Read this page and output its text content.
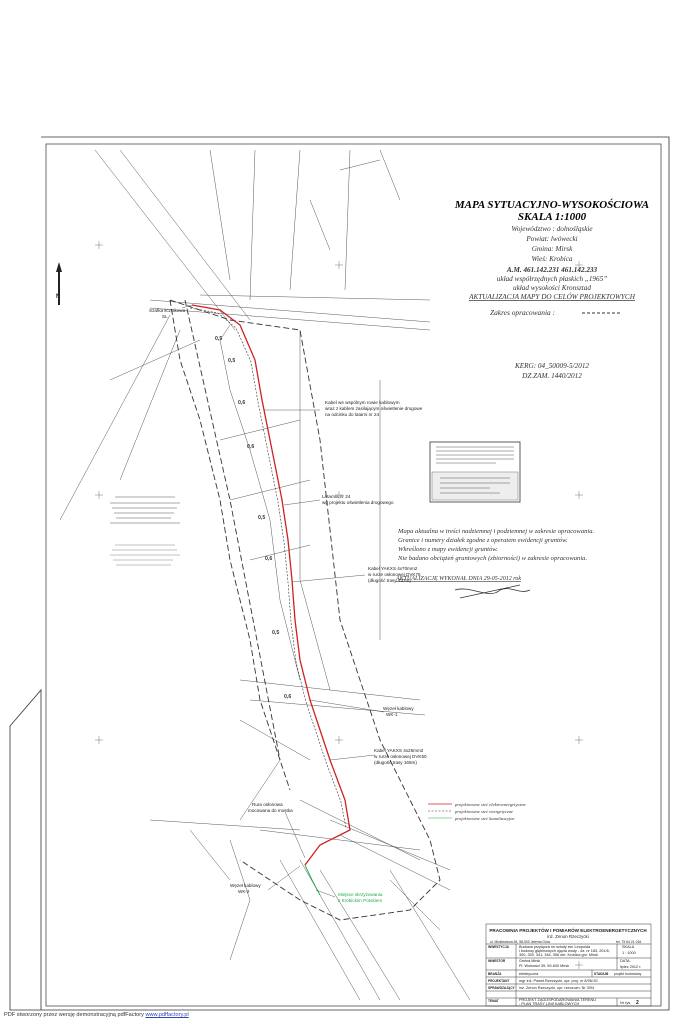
N
MAPA SYTUACYJNO-WYSOKOŚCIOWA
SKALA 1:1000
Województwo : dolnośląskie
Powiat: lwówecki
Gmina: Mirsk
Wieś: Krobica
A.M. 461.142.231 461.142.233
układ współrzędnych płaskich „1965”
układ wysokości Kronsztad
AKTUALIZACJA MAPY DO CELÓW PROJEKTOWYCH
Zakres opracowania :
KERG: 04_50009-5/2012
DZ.ZAM. 1440/2012
Mapa aktualna w treści nadziemnej i podziemnej w zakresie opracowania.
Granice i numery działek zgodne z operatem ewidencji gruntów.
Wkreślono z mapy ewidencji gruntów.
Nie badano obciążeń gruntowych (zbiorności) w zakresie opracowania.
AKTUALIZACJĘ WYKONAŁ DNIA 29-05-2012 rok
0,5
0,5
0,6
0,6
0,5
0,6
0,5
0,6
Szafka licznikowa
SL
Kabel we wspólnym rowie kablowym
wraz z kablem zasilającym oświetlenie drogowe
na odcinku do latarni nr 24
Latarnia nr 24
wg projektu oświetlenia drogowego
Kabel YAKXS 4x70mm2
w rurze osłonowej DVK75
(długość trasy 437m)
Węzeł kablowy
WK-1
Kabel YAKXS 4x25mm2
w rurze osłonowej DVK50
(długość trasy 168m)
Rura osłonowa
mocowana do mostka
Węzeł kablowy
WK-2
Miejsce skrzyżowania
z Krobickim Potokiem
projektowane sieć elektroenergetyczne
projektowane sieć energetyczne
projektowane sieć kanalizacyjne
PRACOWNIA PROJEKTÓW I POMIARÓW ELEKTROENERGETYCZNYCH
inż. Zenon Rzeczycki
ul. Mickiewicza 26, 58-500 Jelenia Góra	tel. 75 64 21 016
INWESTYCJA	Budowa przyłącza nn szkoły ew. Leopolda
i budowy głębinowych ujęcia wody - dz. nr 183, 201/6,
300, 339, 341, 344, 356 obr. Krobica gm. Mirsk
SKALA
1 : 1000
INWESTOR	Gmina Mirsk
Pl. Wolności 39, 59-630 Mirsk
DATA:
lipiec 2012 r.
BRANŻA	elektryczna	STADIUM projekt budowlany
PROJEKTANT	mgr inż. Paweł Rzeczycki, upr. proj. nr 8/96/JG
SPRAWDZAJĄCY inż. Zenon Rzeczycki, upr. rzeczozn. Nr 3/94
TEMAT	PROJEKT ZAGOSPODAROWANIA TERENU
- PLAN TRASY LINII KABLOWYCH	Nr rys. 2
PDF stworzony przez wersję demonstracyjną pdfFactory www.pdffactory.pl
